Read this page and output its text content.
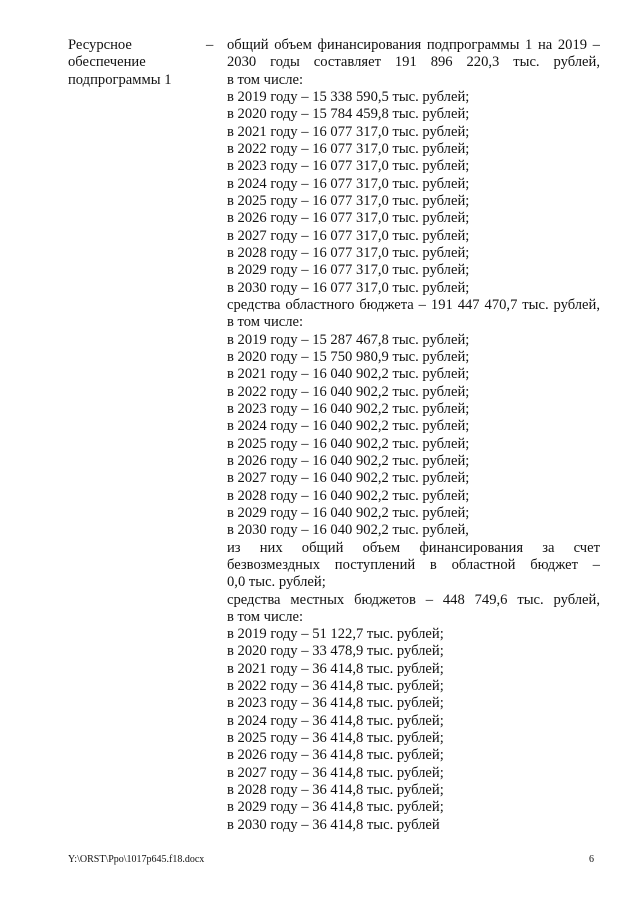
Ресурсное
обеспечение
подпрограммы 1
– общий объем финансирования подпрограммы 1 на 2019 –
2030 годы составляет 191 896 220,3 тыс. рублей,
в том числе:
в 2019 году – 15 338 590,5 тыс. рублей;
в 2020 году – 15 784 459,8 тыс. рублей;
в 2021 году – 16 077 317,0 тыс. рублей;
в 2022 году – 16 077 317,0 тыс. рублей;
в 2023 году – 16 077 317,0 тыс. рублей;
в 2024 году – 16 077 317,0 тыс. рублей;
в 2025 году – 16 077 317,0 тыс. рублей;
в 2026 году – 16 077 317,0 тыс. рублей;
в 2027 году – 16 077 317,0 тыс. рублей;
в 2028 году – 16 077 317,0 тыс. рублей;
в 2029 году – 16 077 317,0 тыс. рублей;
в 2030 году – 16 077 317,0 тыс. рублей;
средства областного бюджета – 191 447 470,7 тыс. рублей,
в том числе:
в 2019 году – 15 287 467,8 тыс. рублей;
в 2020 году – 15 750 980,9 тыс. рублей;
в 2021 году – 16 040 902,2 тыс. рублей;
в 2022 году – 16 040 902,2 тыс. рублей;
в 2023 году – 16 040 902,2 тыс. рублей;
в 2024 году – 16 040 902,2 тыс. рублей;
в 2025 году – 16 040 902,2 тыс. рублей;
в 2026 году – 16 040 902,2 тыс. рублей;
в 2027 году – 16 040 902,2 тыс. рублей;
в 2028 году – 16 040 902,2 тыс. рублей;
в 2029 году – 16 040 902,2 тыс. рублей;
в 2030 году – 16 040 902,2 тыс. рублей,
из них общий объем финансирования за счет
безвозмездных поступлений в областной бюджет –
0,0 тыс. рублей;
средства местных бюджетов – 448 749,6 тыс. рублей,
в том числе:
в 2019 году – 51 122,7 тыс. рублей;
в 2020 году – 33 478,9 тыс. рублей;
в 2021 году – 36 414,8 тыс. рублей;
в 2022 году – 36 414,8 тыс. рублей;
в 2023 году – 36 414,8 тыс. рублей;
в 2024 году – 36 414,8 тыс. рублей;
в 2025 году – 36 414,8 тыс. рублей;
в 2026 году – 36 414,8 тыс. рублей;
в 2027 году – 36 414,8 тыс. рублей;
в 2028 году – 36 414,8 тыс. рублей;
в 2029 году – 36 414,8 тыс. рублей;
в 2030 году – 36 414,8 тыс. рублей
Y:\ORST\Ppo\1017p645.f18.docx	6
